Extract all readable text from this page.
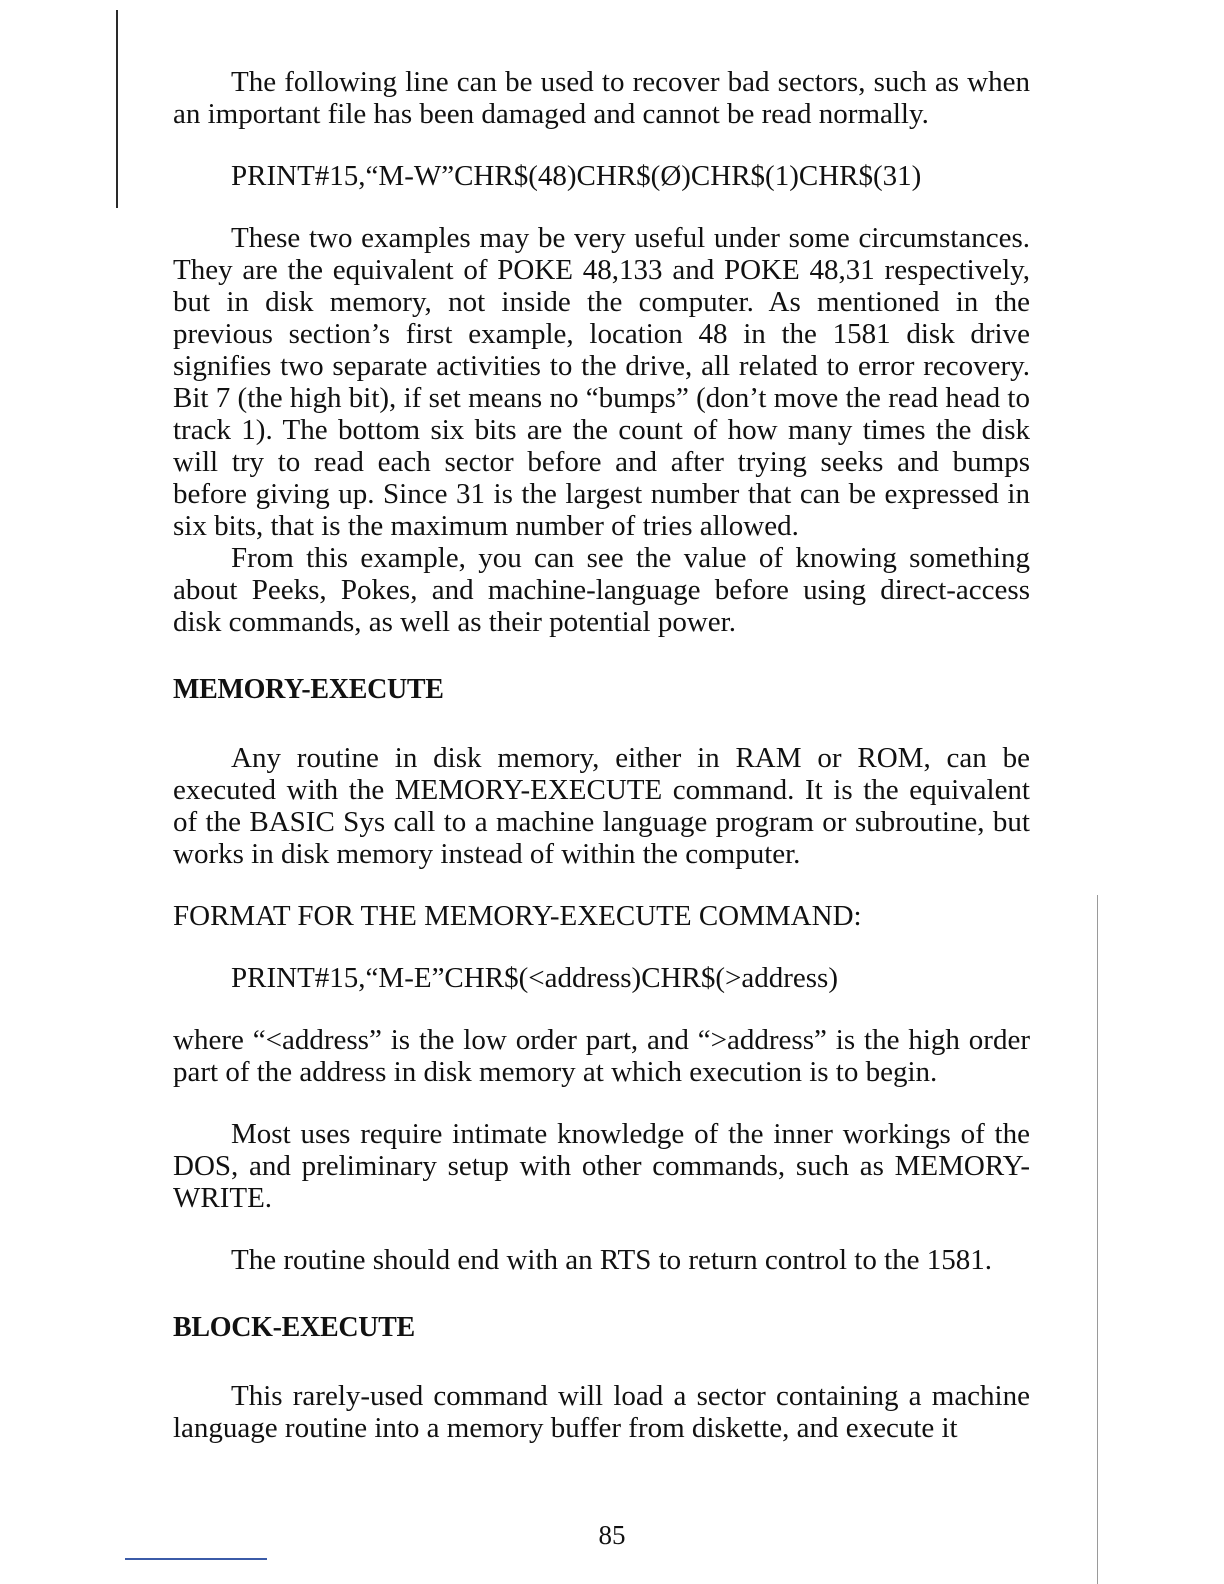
The following line can be used to recover bad sectors, such as when an important file has been damaged and cannot be read normally.

PRINT#15,“M-W”CHR$(48)CHR$(Ø)CHR$(1)CHR$(31)

These two examples may be very useful under some circumstances. They are the equivalent of POKE 48,133 and POKE 48,31 respectively, but in disk memory, not inside the computer. As mentioned in the previous section’s first example, location 48 in the 1581 disk drive signifies two separate activities to the drive, all related to error recovery. Bit 7 (the high bit), if set means no “bumps” (don’t move the read head to track 1). The bottom six bits are the count of how many times the disk will try to read each sector before and after trying seeks and bumps before giving up. Since 31 is the largest number that can be expressed in six bits, that is the maximum number of tries allowed.

From this example, you can see the value of knowing something about Peeks, Pokes, and machine-language before using direct-access disk commands, as well as their potential power.

MEMORY-EXECUTE

Any routine in disk memory, either in RAM or ROM, can be executed with the MEMORY-EXECUTE command. It is the equivalent of the BASIC Sys call to a machine language program or subroutine, but works in disk memory instead of within the computer.

FORMAT FOR THE MEMORY-EXECUTE COMMAND:

PRINT#15,“M-E”CHR$(<address)CHR$(>address)

where “<address” is the low order part, and “>address” is the high order part of the address in disk memory at which execution is to begin.

Most uses require intimate knowledge of the inner workings of the DOS, and preliminary setup with other commands, such as MEMORY-WRITE.

The routine should end with an RTS to return control to the 1581.

BLOCK-EXECUTE

This rarely-used command will load a sector containing a machine language routine into a memory buffer from diskette, and execute it

85
